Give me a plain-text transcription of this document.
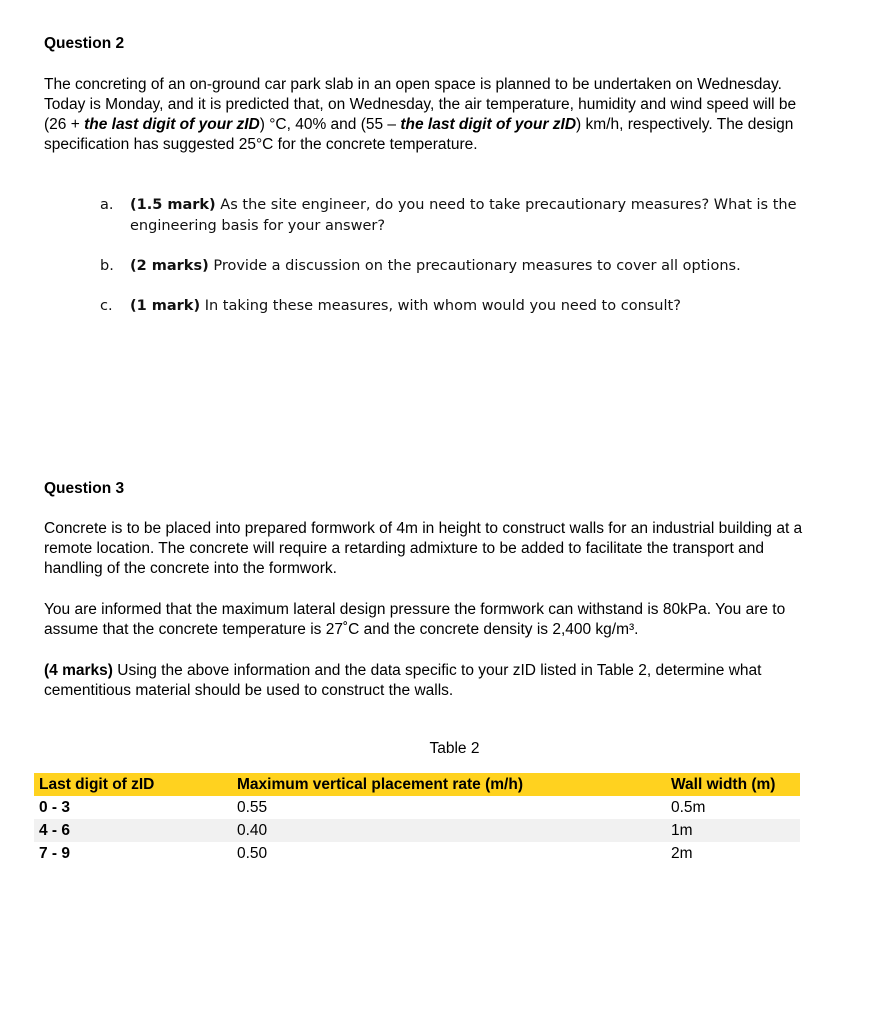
Question 2

The concreting of an on-ground car park slab in an open space is planned to be undertaken on Wednesday. Today is Monday, and it is predicted that, on Wednesday, the air temperature, humidity and wind speed will be (26 + the last digit of your zID) °C, 40% and (55 – the last digit of your zID) km/h, respectively. The design specification has suggested 25°C for the concrete temperature.

a. (1.5 mark) As the site engineer, do you need to take precautionary measures? What is the engineering basis for your answer?
b. (2 marks) Provide a discussion on the precautionary measures to cover all options.
c. (1 mark) In taking these measures, with whom would you need to consult?
Question 3

Concrete is to be placed into prepared formwork of 4m in height to construct walls for an industrial building at a remote location. The concrete will require a retarding admixture to be added to facilitate the transport and handling of the concrete into the formwork.

You are informed that the maximum lateral design pressure the formwork can withstand is 80kPa. You are to assume that the concrete temperature is 27˚C and the concrete density is 2,400 kg/m³.

(4 marks) Using the above information and the data specific to your zID listed in Table 2, determine what cementitious material should be used to construct the walls.

Table 2
Last digit of zID	Maximum vertical placement rate (m/h)	Wall width (m)
0 - 3	0.55	0.5m
4 - 6	0.40	1m
7 - 9	0.50	2m
